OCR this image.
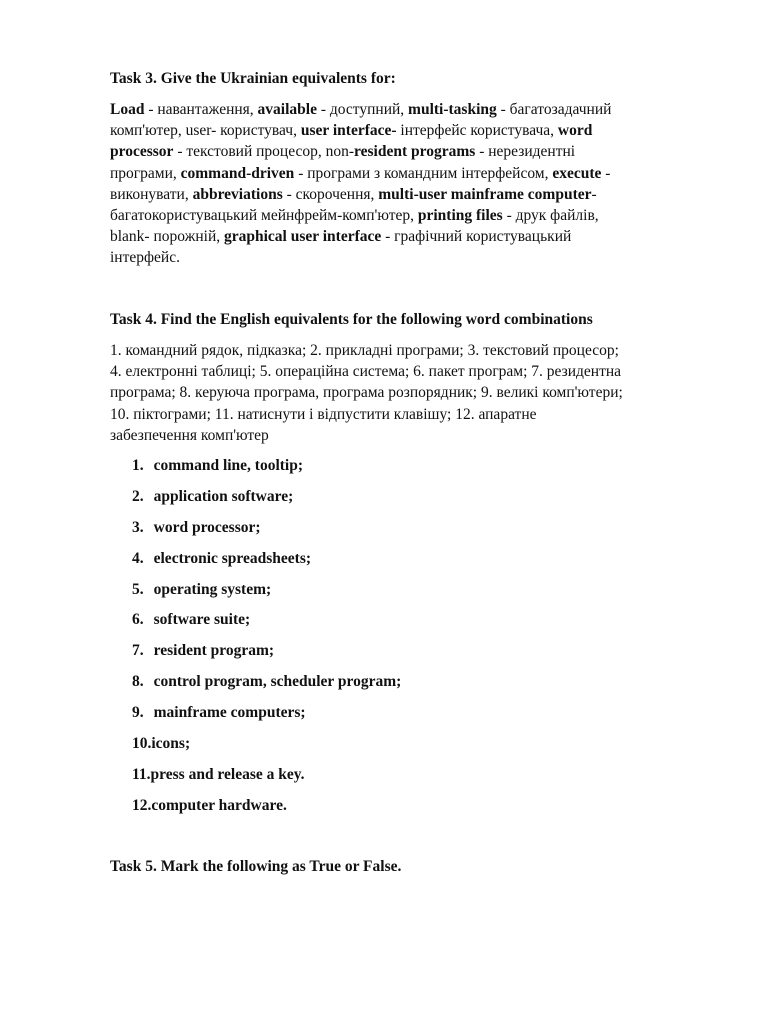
Task 3. Give the Ukrainian equivalents for:
Load - навантаження, available - доступний, multi-tasking - багатозадачний
комп'ютер, user- користувач, user interface- інтерфейс користувача, word
processor - текстовий процесор, non-resident programs - нерезидентні
програми, command-driven - програми з командним інтерфейсом, execute -
виконувати, abbreviations - скорочення, multi-user mainframe computer-
багатокористувацький мейнфрейм-комп'ютер, printing files - друк файлів,
blank- порожній, graphical user interface - графічний користувацький
інтерфейс.
Task 4. Find the English equivalents for the following word combinations
1. командний рядок, підказка; 2. прикладні програми; 3. текстовий процесор;
4. електронні таблиці; 5. операційна система; 6. пакет програм; 7. резидентна
програма; 8. керуюча програма, програма розпорядник; 9. великі комп'ютери;
10. піктограми; 11. натиснути і відпустити клавішу; 12. апаратне
забезпечення комп'ютер
1. command line, tooltip;
2. application software;
3. word processor;
4. electronic spreadsheets;
5. operating system;
6. software suite;
7. resident program;
8. control program, scheduler program;
9. mainframe computers;
10.icons;
11.press and release a key.
12.computer hardware.
Task 5. Mark the following as True or False.
